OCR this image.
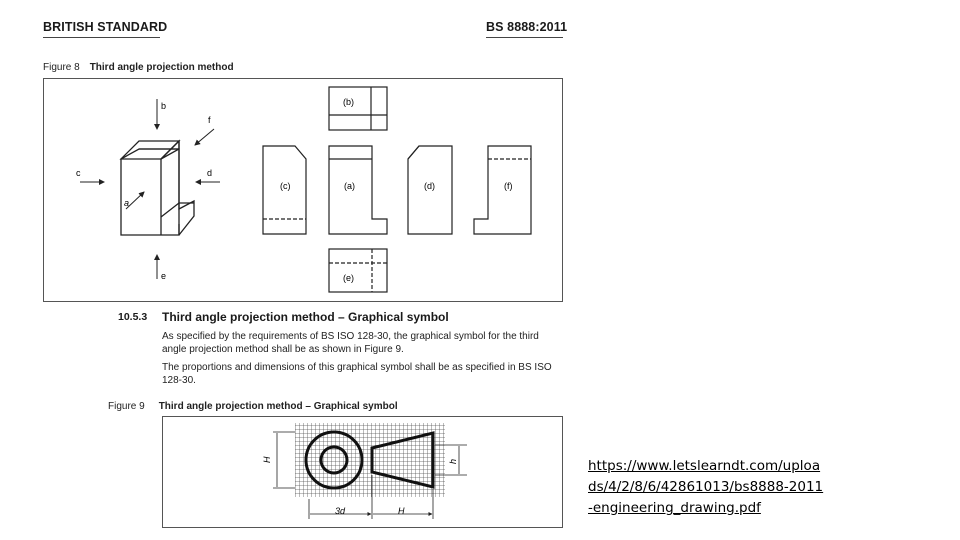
BRITISH STANDARD	BS 8888:2011
Figure 8 Third angle projection method
b
f
c	d
a
e
(b)
(c)	(a)	(d)	(f)
(e)
10.5.3 Third angle projection method – Graphical symbol
As specified by the requirements of BS ISO 128-30, the graphical symbol for the third angle projection method shall be as shown in Figure 9.
The proportions and dimensions of this graphical symbol shall be as specified in BS ISO 128-30.
Figure 9 Third angle projection method – Graphical symbol
H	h
3d	H
https://www.letslearndt.com/uploa
ds/4/2/8/6/42861013/bs8888-2011
-engineering_drawing.pdf
